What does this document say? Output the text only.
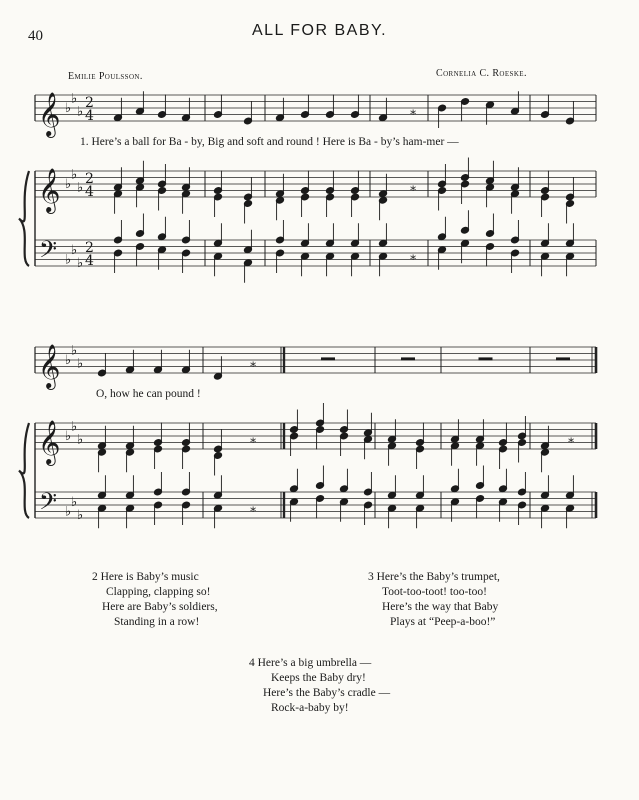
40	ALL FOR BABY.
Emilie Poulsson.	Cornelia C. Roeske.
𝄞
𝄞
𝄢
♭
♭
♭
♭
♭
♭
♭
♭
♭
2
4
2
4
2
4
∗
∗
∗
𝄞
𝄞
𝄢
♭
♭
♭
♭
♭
♭
♭
♭
♭
∗
∗
∗
∗
1. Here’s a ball for Ba - by, Big and soft and round ! Here is Ba - by’s ham-mer —
O, how he can pound !
2 Here is Baby’s music
Clapping, clapping so!
Here are Baby’s soldiers,
Standing in a row!
3 Here’s the Baby’s trumpet,
Toot-too-toot! too-too!
Here’s the way that Baby
Plays at “Peep-a-boo!”
4 Here’s a big umbrella —
Keeps the Baby dry!
Here’s the Baby’s cradle —
Rock-a-baby by!
